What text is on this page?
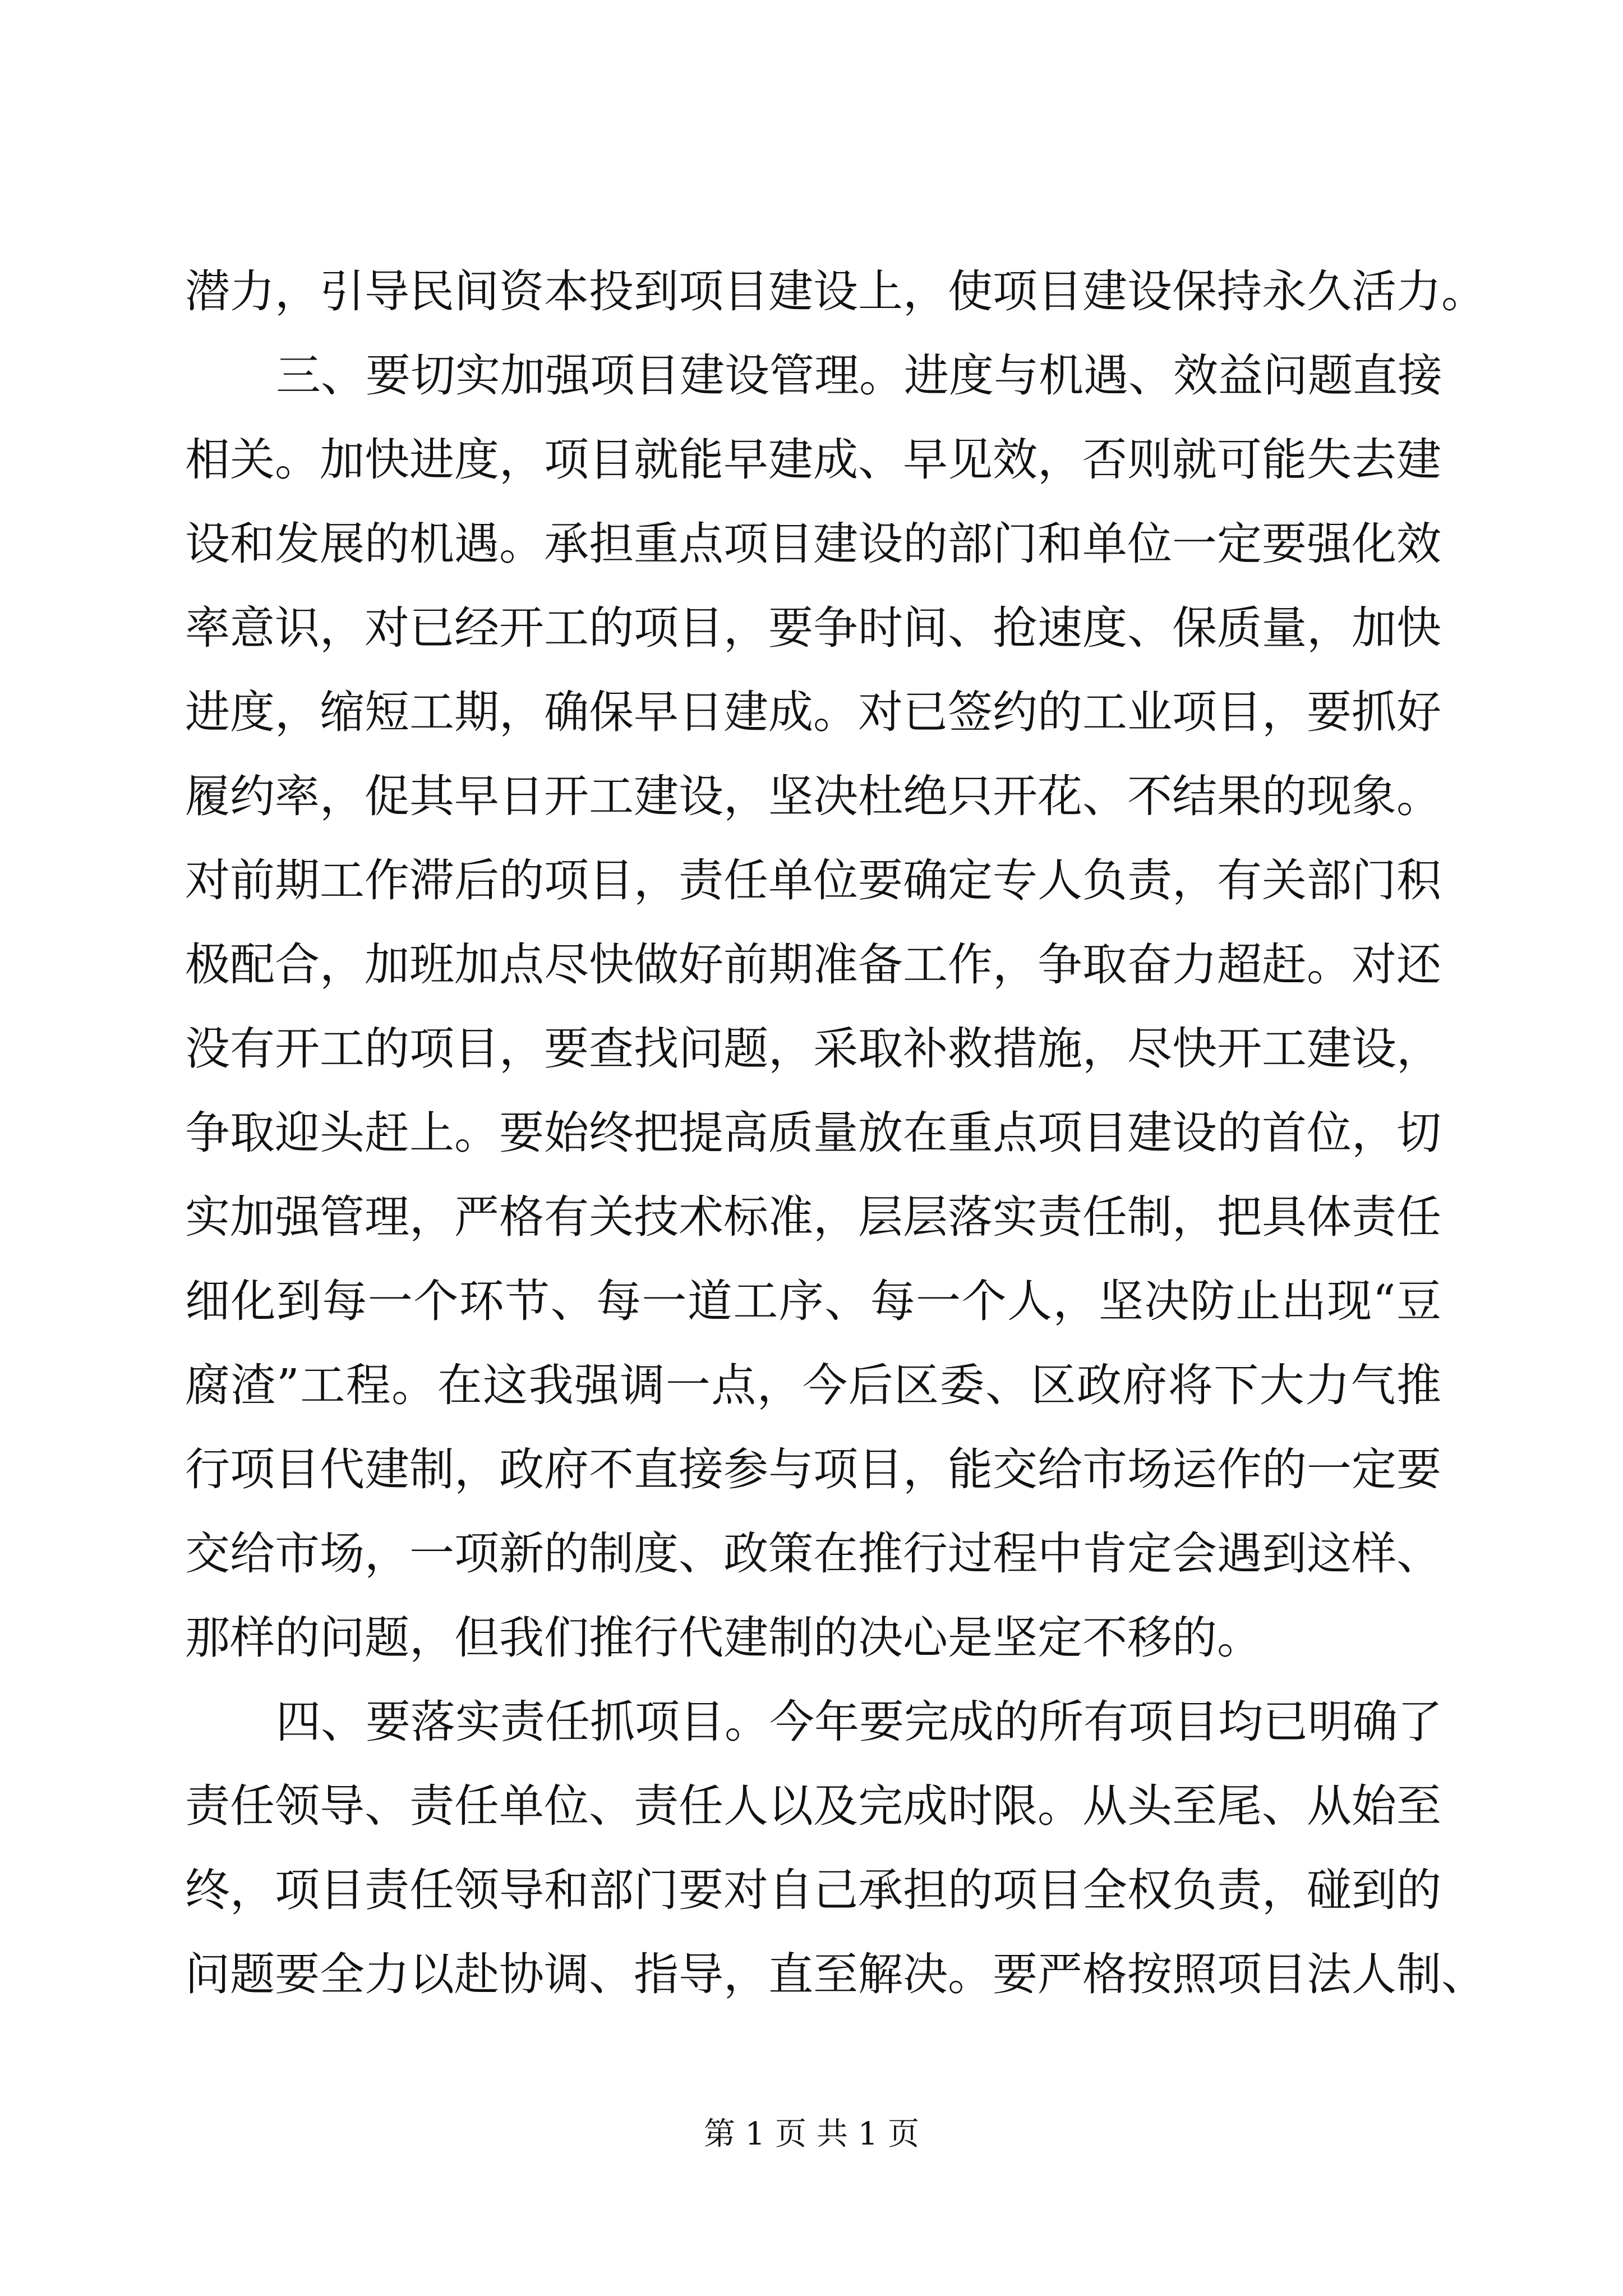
潜力，引导民间资本投到项目建设上，使项目建设保持永久活力。
三、要切实加强项目建设管理。进度与机遇、效益问题直接
相关。加快进度，项目就能早建成、早见效，否则就可能失去建
设和发展的机遇。承担重点项目建设的部门和单位一定要强化效
率意识，对已经开工的项目，要争时间、抢速度、保质量，加快
进度，缩短工期，确保早日建成。对已签约的工业项目，要抓好
履约率，促其早日开工建设，坚决杜绝只开花、不结果的现象。
对前期工作滞后的项目，责任单位要确定专人负责，有关部门积
极配合，加班加点尽快做好前期准备工作，争取奋力超赶。对还
没有开工的项目，要查找问题，采取补救措施，尽快开工建设，
争取迎头赶上。要始终把提高质量放在重点项目建设的首位，切
实加强管理，严格有关技术标准，层层落实责任制，把具体责任
细化到每一个环节、每一道工序、每一个人，坚决防止出现“豆
腐渣”工程。在这我强调一点，今后区委、区政府将下大力气推
行项目代建制，政府不直接参与项目，能交给市场运作的一定要
交给市场，一项新的制度、政策在推行过程中肯定会遇到这样、
那样的问题，但我们推行代建制的决心是坚定不移的。
四、要落实责任抓项目。今年要完成的所有项目均已明确了
责任领导、责任单位、责任人以及完成时限。从头至尾、从始至
终，项目责任领导和部门要对自己承担的项目全权负责，碰到的
问题要全力以赴协调、指导，直至解决。要严格按照项目法人制、
第 1 页 共 1 页
